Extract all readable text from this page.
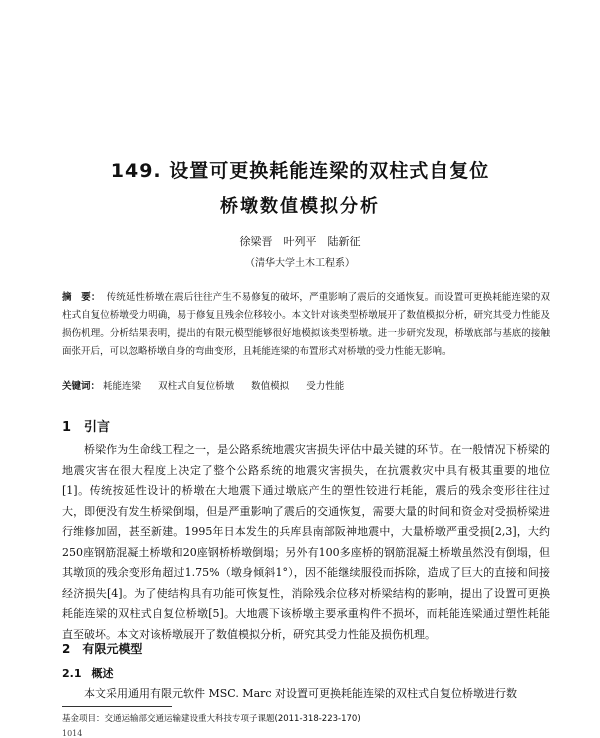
149. 设置可更换耗能连梁的双柱式自复位
桥墩数值模拟分析
徐梁晋　叶列平　陆新征
（清华大学土木工程系）
摘　要： 传统延性桥墩在震后往往产生不易修复的破坏，严重影响了震后的交通恢复。而设置可更换耗能连梁的双柱式自复位桥墩受力明确，易于修复且残余位移较小。本文针对该类型桥墩展开了数值模拟分析，研究其受力性能及损伤机理。分析结果表明，提出的有限元模型能够很好地模拟该类型桥墩。进一步研究发现，桥墩底部与基底的接触面张开后，可以忽略桥墩自身的弯曲变形，且耗能连梁的布置形式对桥墩的受力性能无影响。
关键词： 耗能连梁 双柱式自复位桥墩 数值模拟 受力性能
1　引言

桥梁作为生命线工程之一，是公路系统地震灾害损失评估中最关键的环节。在一般情况下桥梁的地震灾害在很大程度上决定了整个公路系统的地震灾害损失，在抗震救灾中具有极其重要的地位[1]。传统按延性设计的桥墩在大地震下通过墩底产生的塑性铰进行耗能，震后的残余变形往往过大，即便没有发生桥梁倒塌，但是严重影响了震后的交通恢复，需要大量的时间和资金对受损桥梁进行维修加固，甚至新建。1995年日本发生的兵库县南部阪神地震中，大量桥墩严重受损[2,3]，大约250座钢筋混凝土桥墩和20座钢桥桥墩倒塌；另外有100多座桥的钢筋混凝土桥墩虽然没有倒塌，但其墩顶的残余变形角超过1.75%（墩身倾斜1°），因不能继续服役而拆除，造成了巨大的直接和间接经济损失[4]。为了使结构具有功能可恢复性，消除残余位移对桥梁结构的影响，提出了设置可更换耗能连梁的双柱式自复位桥墩[5]。大地震下该桥墩主要承重构件不损坏，而耗能连梁通过塑性耗能直至破坏。本文对该桥墩展开了数值模拟分析，研究其受力性能及损伤机理。

2　有限元模型
2.1 概述
本文采用通用有限元软件 MSC. Marc 对设置可更换耗能连梁的双柱式自复位桥墩进行数
基金项目：交通运输部交通运输建设重大科技专项子课题(2011-318-223-170)
1014
